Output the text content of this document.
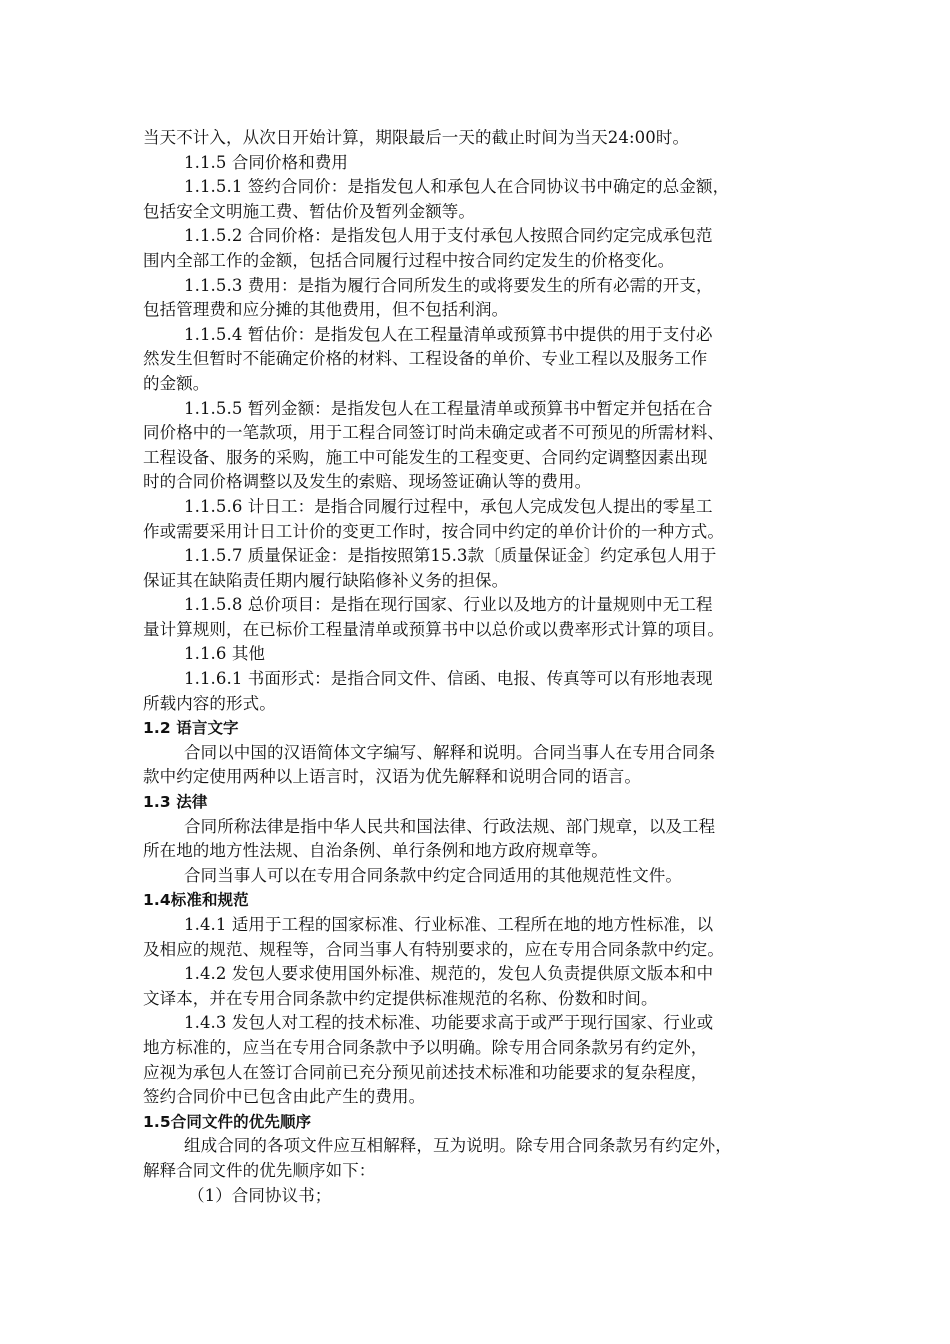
当天不计入，从次日开始计算，期限最后一天的截止时间为当天24:00时。

1.1.5 合同价格和费用

1.1.5.1 签约合同价：是指发包人和承包人在合同协议书中确定的总金额，

包括安全文明施工费、暂估价及暂列金额等。

1.1.5.2 合同价格：是指发包人用于支付承包人按照合同约定完成承包范

围内全部工作的金额，包括合同履行过程中按合同约定发生的价格变化。

1.1.5.3 费用：是指为履行合同所发生的或将要发生的所有必需的开支，

包括管理费和应分摊的其他费用，但不包括利润。

1.1.5.4 暂估价：是指发包人在工程量清单或预算书中提供的用于支付必

然发生但暂时不能确定价格的材料、工程设备的单价、专业工程以及服务工作

的金额。

1.1.5.5 暂列金额：是指发包人在工程量清单或预算书中暂定并包括在合

同价格中的一笔款项，用于工程合同签订时尚未确定或者不可预见的所需材料、

工程设备、服务的采购，施工中可能发生的工程变更、合同约定调整因素出现

时的合同价格调整以及发生的索赔、现场签证确认等的费用。

1.1.5.6 计日工：是指合同履行过程中，承包人完成发包人提出的零星工

作或需要采用计日工计价的变更工作时，按合同中约定的单价计价的一种方式。

1.1.5.7 质量保证金：是指按照第15.3款〔质量保证金〕约定承包人用于

保证其在缺陷责任期内履行缺陷修补义务的担保。

1.1.5.8 总价项目：是指在现行国家、行业以及地方的计量规则中无工程

量计算规则，在已标价工程量清单或预算书中以总价或以费率形式计算的项目。

1.1.6 其他

1.1.6.1 书面形式：是指合同文件、信函、电报、传真等可以有形地表现

所载内容的形式。

1.2 语言文字

合同以中国的汉语简体文字编写、解释和说明。合同当事人在专用合同条

款中约定使用两种以上语言时，汉语为优先解释和说明合同的语言。

1.3 法律

合同所称法律是指中华人民共和国法律、行政法规、部门规章，以及工程

所在地的地方性法规、自治条例、单行条例和地方政府规章等。

合同当事人可以在专用合同条款中约定合同适用的其他规范性文件。

1.4标准和规范

1.4.1 适用于工程的国家标准、行业标准、工程所在地的地方性标准，以

及相应的规范、规程等，合同当事人有特别要求的，应在专用合同条款中约定。

1.4.2 发包人要求使用国外标准、规范的，发包人负责提供原文版本和中

文译本，并在专用合同条款中约定提供标准规范的名称、份数和时间。

1.4.3 发包人对工程的技术标准、功能要求高于或严于现行国家、行业或

地方标准的，应当在专用合同条款中予以明确。除专用合同条款另有约定外，

应视为承包人在签订合同前已充分预见前述技术标准和功能要求的复杂程度，

签约合同价中已包含由此产生的费用。

1.5合同文件的优先顺序

组成合同的各项文件应互相解释，互为说明。除专用合同条款另有约定外，

解释合同文件的优先顺序如下：

（1）合同协议书；
